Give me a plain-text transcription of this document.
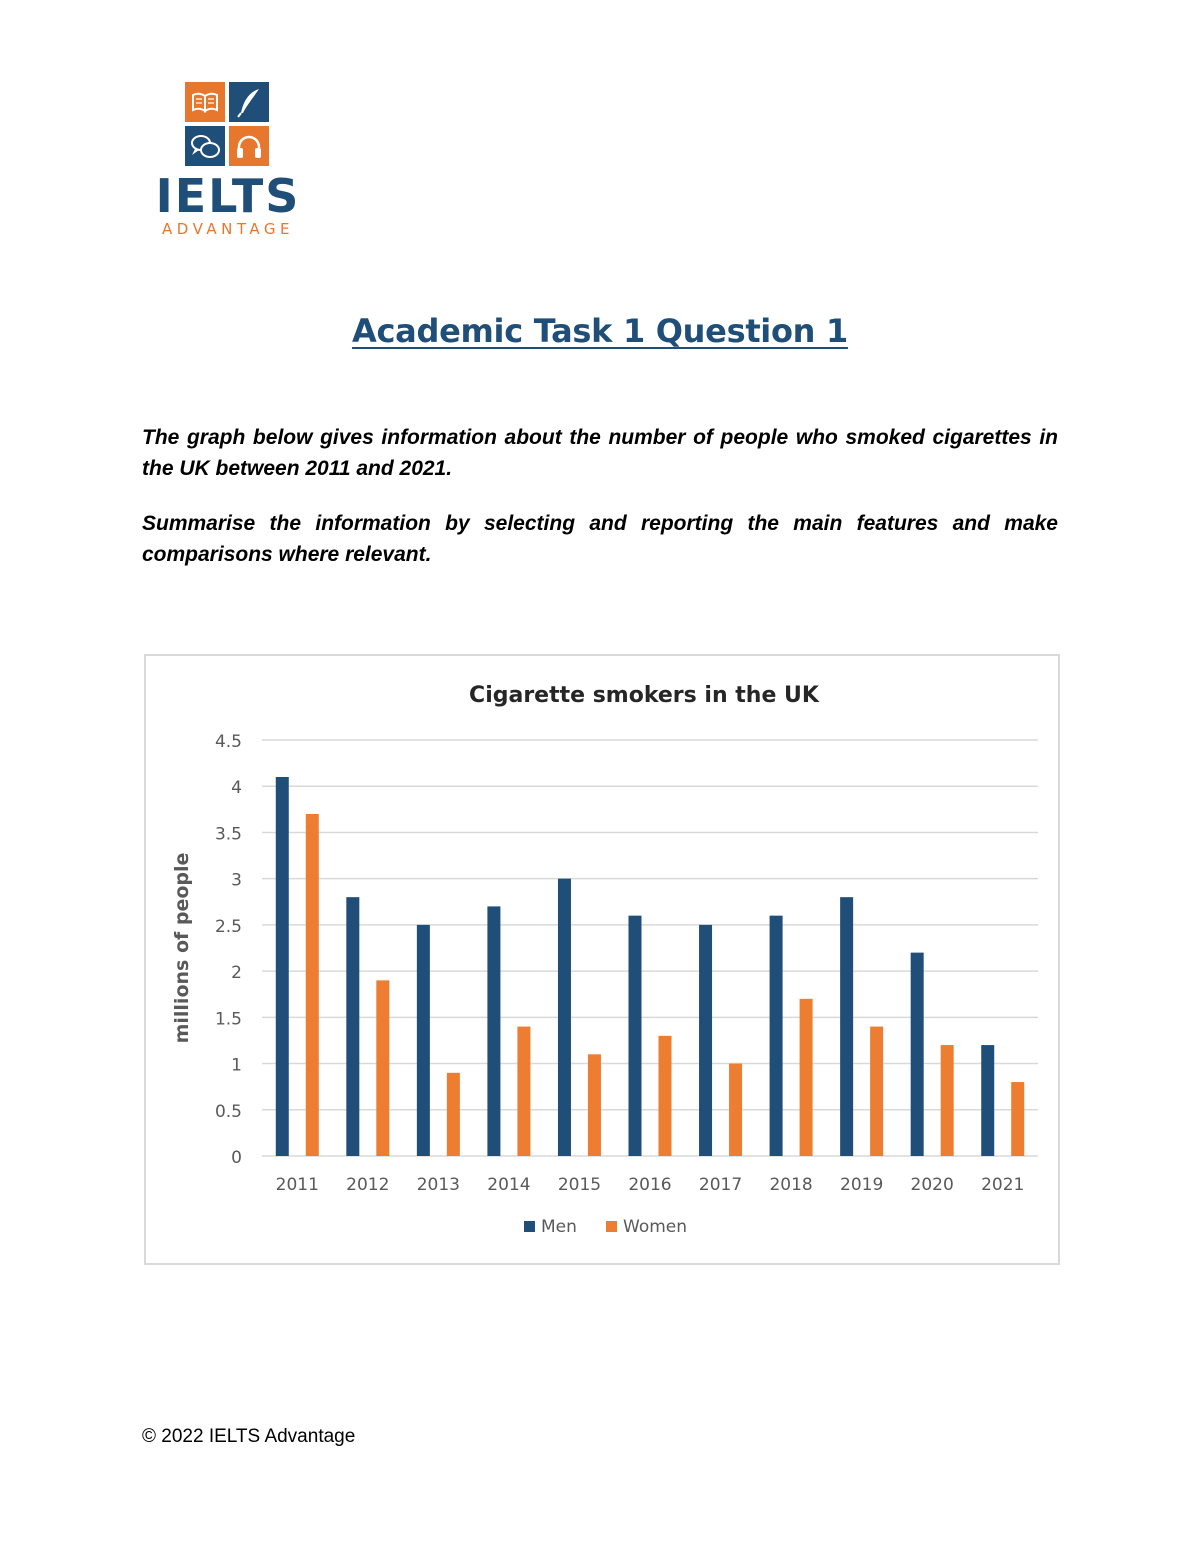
IELTS
ADVANTAGE
Academic Task 1 Question 1
The graph below gives information about the number of people who smoked cigarettes in the UK between 2011 and 2021.
Summarise the information by selecting and reporting the main features and make comparisons where relevant.
Cigarette smokers in the UK
0
0.5
1
1.5
2
2.5
3
3.5
4
4.5
millions of people
2011 2012 2013 2014 2015 2016 2017 2018 2019 2020 2021
Men	Women
© 2022 IELTS Advantage
